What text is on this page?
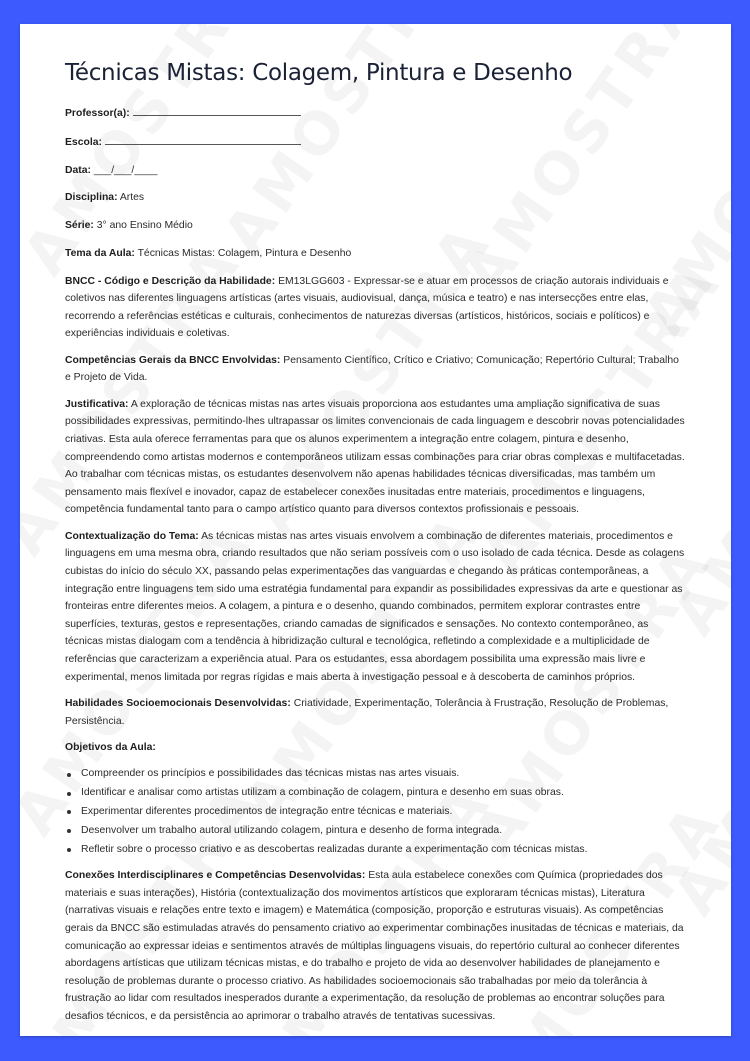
Técnicas Mistas: Colagem, Pintura e Desenho

Professor(a):

Escola:

Data: ___/___/____

Disciplina: Artes

Série: 3° ano Ensino Médio

Tema da Aula: Técnicas Mistas: Colagem, Pintura e Desenho

BNCC - Código e Descrição da Habilidade: EM13LGG603 - Expressar-se e atuar em processos de criação autorais individuais e coletivos nas diferentes linguagens artísticas (artes visuais, audiovisual, dança, música e teatro) e nas intersecções entre elas, recorrendo a referências estéticas e culturais, conhecimentos de naturezas diversas (artísticos, históricos, sociais e políticos) e experiências individuais e coletivas.

Competências Gerais da BNCC Envolvidas: Pensamento Científico, Crítico e Criativo; Comunicação; Repertório Cultural; Trabalho e Projeto de Vida.

Justificativa: A exploração de técnicas mistas nas artes visuais proporciona aos estudantes uma ampliação significativa de suas possibilidades expressivas, permitindo-lhes ultrapassar os limites convencionais de cada linguagem e descobrir novas potencialidades criativas. Esta aula oferece ferramentas para que os alunos experimentem a integração entre colagem, pintura e desenho, compreendendo como artistas modernos e contemporâneos utilizam essas combinações para criar obras complexas e multifacetadas. Ao trabalhar com técnicas mistas, os estudantes desenvolvem não apenas habilidades técnicas diversificadas, mas também um pensamento mais flexível e inovador, capaz de estabelecer conexões inusitadas entre materiais, procedimentos e linguagens, competência fundamental tanto para o campo artístico quanto para diversos contextos profissionais e pessoais.

Contextualização do Tema: As técnicas mistas nas artes visuais envolvem a combinação de diferentes materiais, procedimentos e linguagens em uma mesma obra, criando resultados que não seriam possíveis com o uso isolado de cada técnica. Desde as colagens cubistas do início do século XX, passando pelas experimentações das vanguardas e chegando às práticas contemporâneas, a integração entre linguagens tem sido uma estratégia fundamental para expandir as possibilidades expressivas da arte e questionar as fronteiras entre diferentes meios. A colagem, a pintura e o desenho, quando combinados, permitem explorar contrastes entre superfícies, texturas, gestos e representações, criando camadas de significados e sensações. No contexto contemporâneo, as técnicas mistas dialogam com a tendência à hibridização cultural e tecnológica, refletindo a complexidade e a multiplicidade de referências que caracterizam a experiência atual. Para os estudantes, essa abordagem possibilita uma expressão mais livre e experimental, menos limitada por regras rígidas e mais aberta à investigação pessoal e à descoberta de caminhos próprios.

Habilidades Socioemocionais Desenvolvidas: Criatividade, Experimentação, Tolerância à Frustração, Resolução de Problemas, Persistência.

Objetivos da Aula:

Compreender os princípios e possibilidades das técnicas mistas nas artes visuais.
Identificar e analisar como artistas utilizam a combinação de colagem, pintura e desenho em suas obras.
Experimentar diferentes procedimentos de integração entre técnicas e materiais.
Desenvolver um trabalho autoral utilizando colagem, pintura e desenho de forma integrada.
Refletir sobre o processo criativo e as descobertas realizadas durante a experimentação com técnicas mistas.

Conexões Interdisciplinares e Competências Desenvolvidas: Esta aula estabelece conexões com Química (propriedades dos materiais e suas interações), História (contextualização dos movimentos artísticos que exploraram técnicas mistas), Literatura (narrativas visuais e relações entre texto e imagem) e Matemática (composição, proporção e estruturas visuais). As competências gerais da BNCC são estimuladas através do pensamento criativo ao experimentar combinações inusitadas de técnicas e materiais, da comunicação ao expressar ideias e sentimentos através de múltiplas linguagens visuais, do repertório cultural ao conhecer diferentes abordagens artísticas que utilizam técnicas mistas, e do trabalho e projeto de vida ao desenvolver habilidades de planejamento e resolução de problemas durante o processo criativo. As habilidades socioemocionais são trabalhadas por meio da tolerância à frustração ao lidar com resultados inesperados durante a experimentação, da resolução de problemas ao encontrar soluções para desafios técnicos, e da persistência ao aprimorar o trabalho através de tentativas sucessivas.
